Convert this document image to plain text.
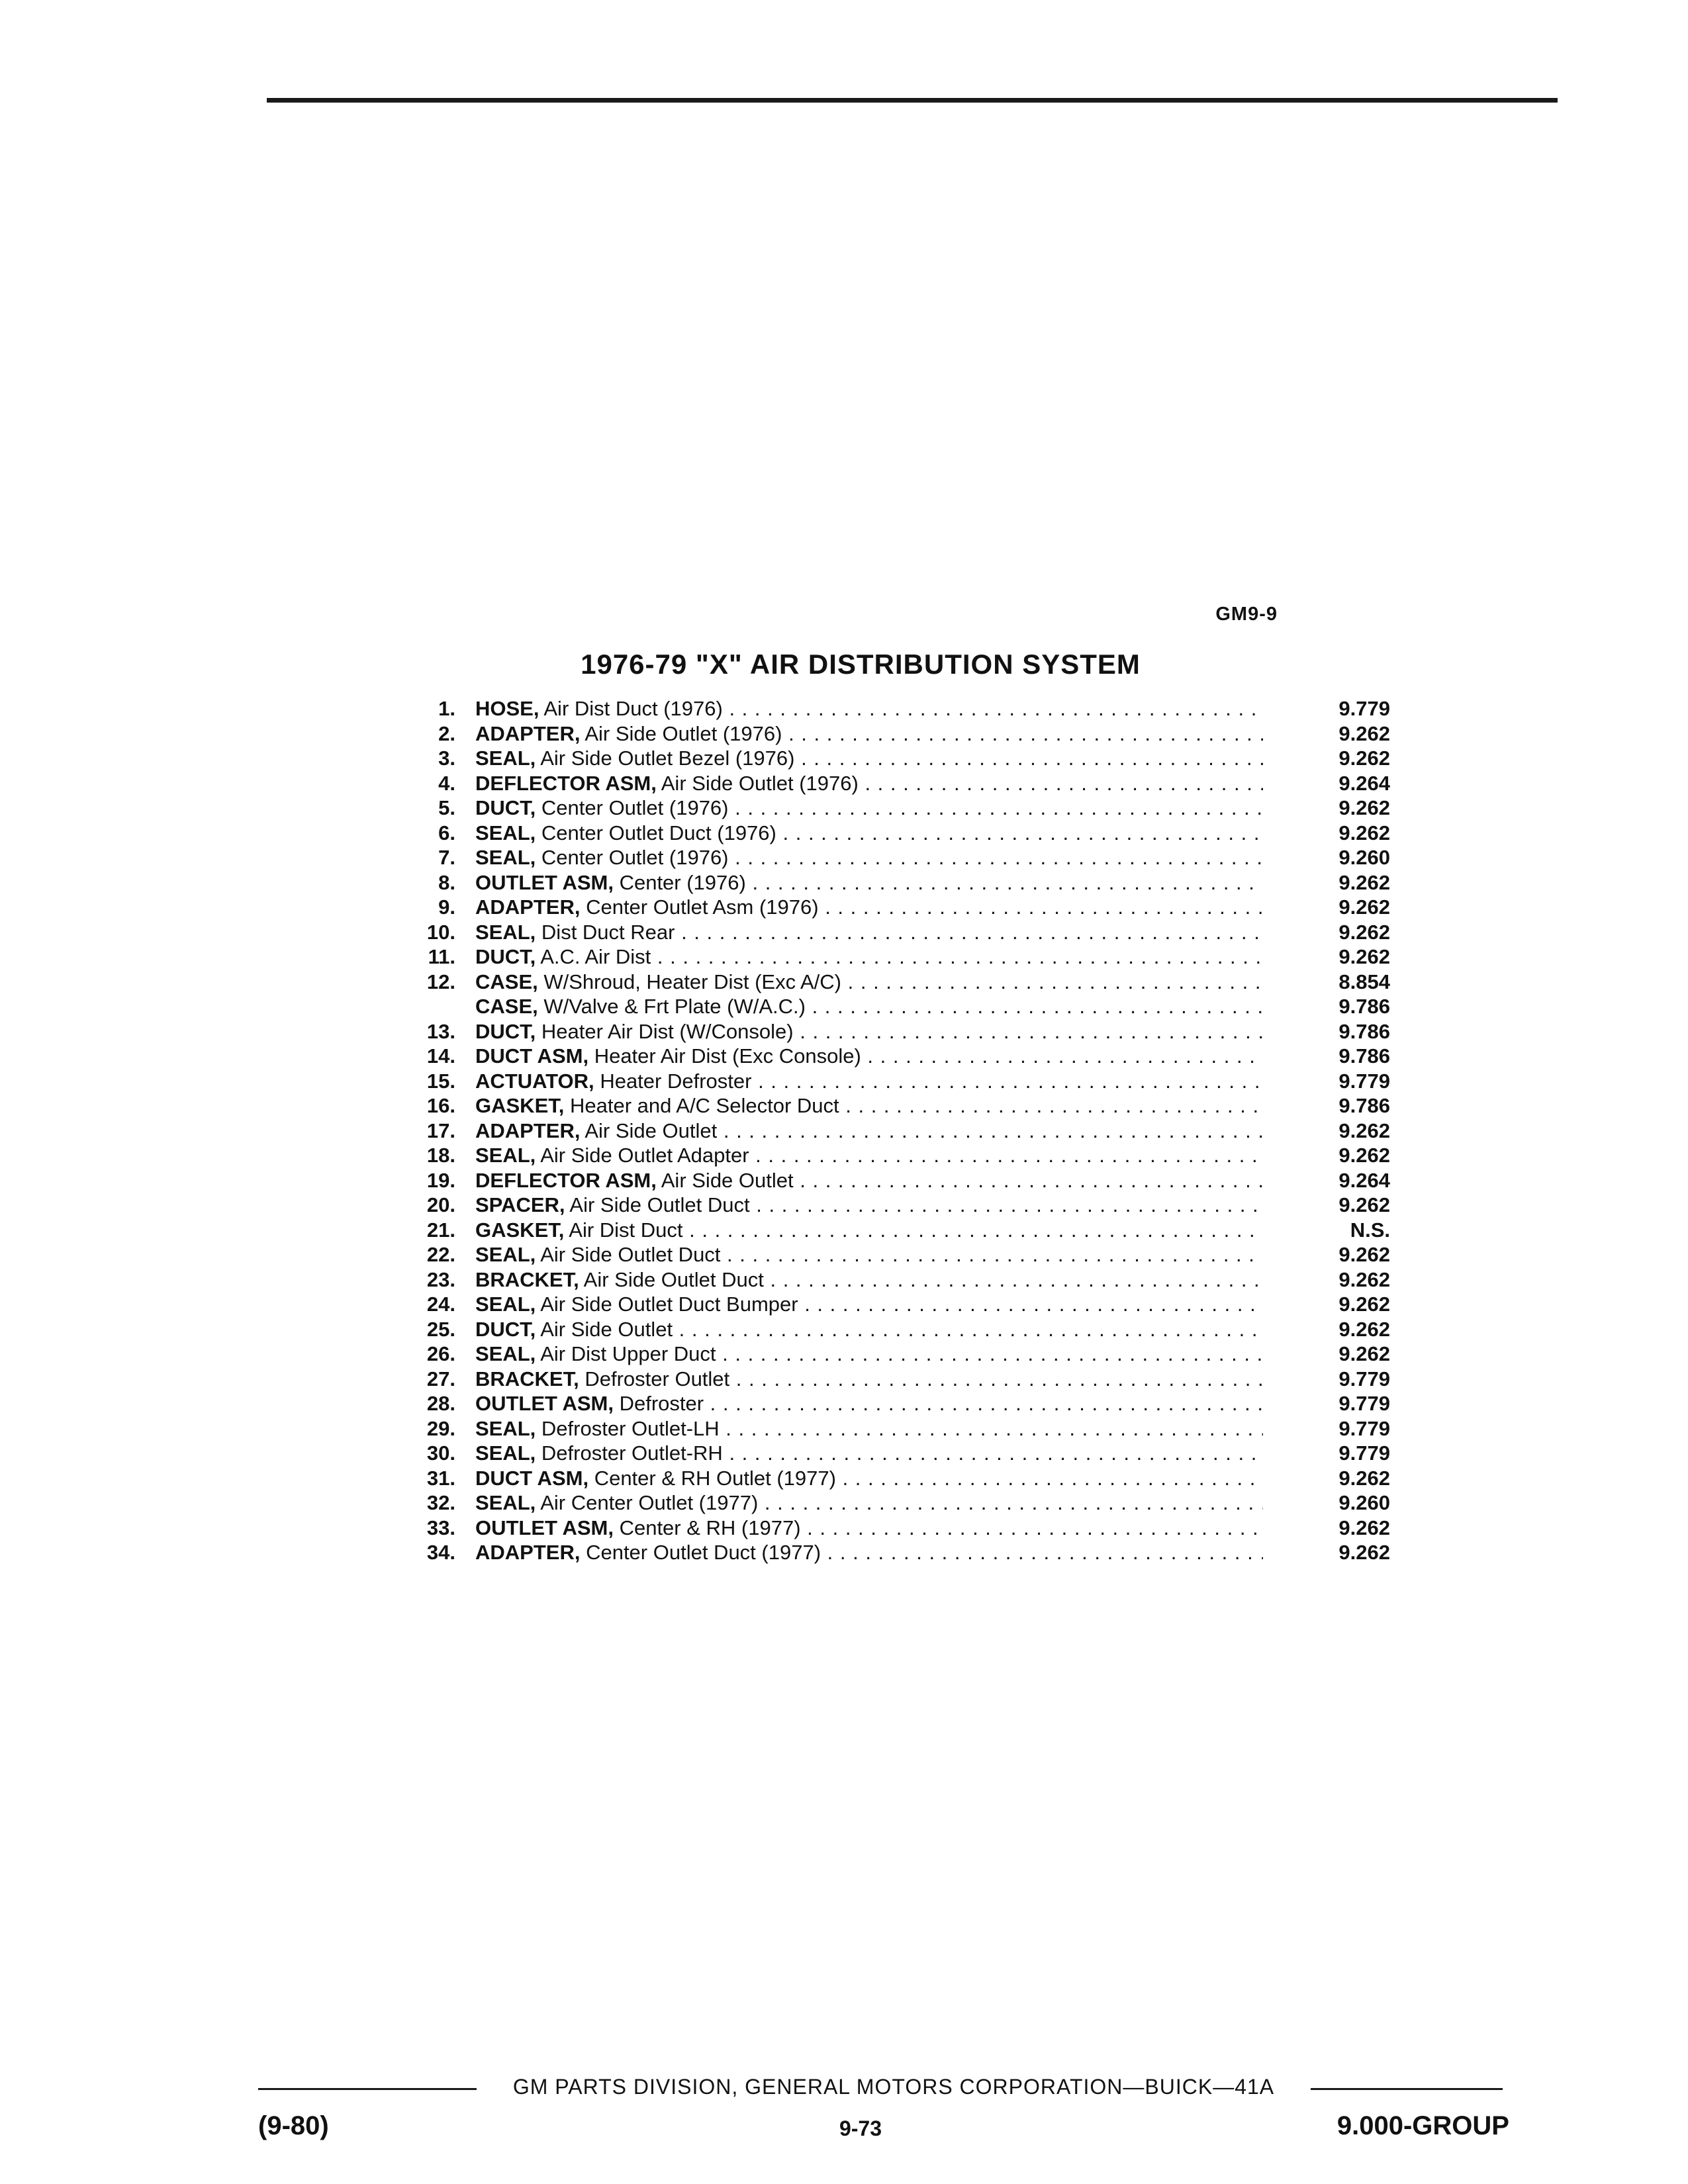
GM9-9
1976-79 "X" AIR DISTRIBUTION SYSTEM
1. HOSE, Air Dist Duct (1976) . . .	9.779
2. ADAPTER, Air Side Outlet (1976) . . .	9.262
3. SEAL, Air Side Outlet Bezel (1976) . . .	9.262
4. DEFLECTOR ASM, Air Side Outlet (1976) . . .	9.264
5. DUCT, Center Outlet (1976) . . .	9.262
6. SEAL, Center Outlet Duct (1976) . . .	9.262
7. SEAL, Center Outlet (1976) . . .	9.260
8. OUTLET ASM, Center (1976) . . .	9.262
9. ADAPTER, Center Outlet Asm (1976) . . .	9.262
10. SEAL, Dist Duct Rear . . .	9.262
11. DUCT, A.C. Air Dist . . .	9.262
12. CASE, W/Shroud, Heater Dist (Exc A/C) . . .	8.854
CASE, W/Valve & Frt Plate (W/A.C.) . . .	9.786
13. DUCT, Heater Air Dist (W/Console) . . .	9.786
14. DUCT ASM, Heater Air Dist (Exc Console) . . .	9.786
15. ACTUATOR, Heater Defroster . . .	9.779
16. GASKET, Heater and A/C Selector Duct . . .	9.786
17. ADAPTER, Air Side Outlet . . .	9.262
18. SEAL, Air Side Outlet Adapter . . .	9.262
19. DEFLECTOR ASM, Air Side Outlet . . .	9.264
20. SPACER, Air Side Outlet Duct . . .	9.262
21. GASKET, Air Dist Duct . . .	N.S.
22. SEAL, Air Side Outlet Duct . . .	9.262
23. BRACKET, Air Side Outlet Duct . . .	9.262
24. SEAL, Air Side Outlet Duct Bumper . . .	9.262
25. DUCT, Air Side Outlet . . .	9.262
26. SEAL, Air Dist Upper Duct . . .	9.262
27. BRACKET, Defroster Outlet . . .	9.779
28. OUTLET ASM, Defroster . . .	9.779
29. SEAL, Defroster Outlet-LH . . .	9.779
30. SEAL, Defroster Outlet-RH . . .	9.779
31. DUCT ASM, Center & RH Outlet (1977) . . .	9.262
32. SEAL, Air Center Outlet (1977) . . .	9.260
33. OUTLET ASM, Center & RH (1977) . . .	9.262
34. ADAPTER, Center Outlet Duct (1977) . . .	9.262
GM PARTS DIVISION, GENERAL MOTORS CORPORATION—BUICK—41A
(9-80)	9-73	9.000-GROUP
